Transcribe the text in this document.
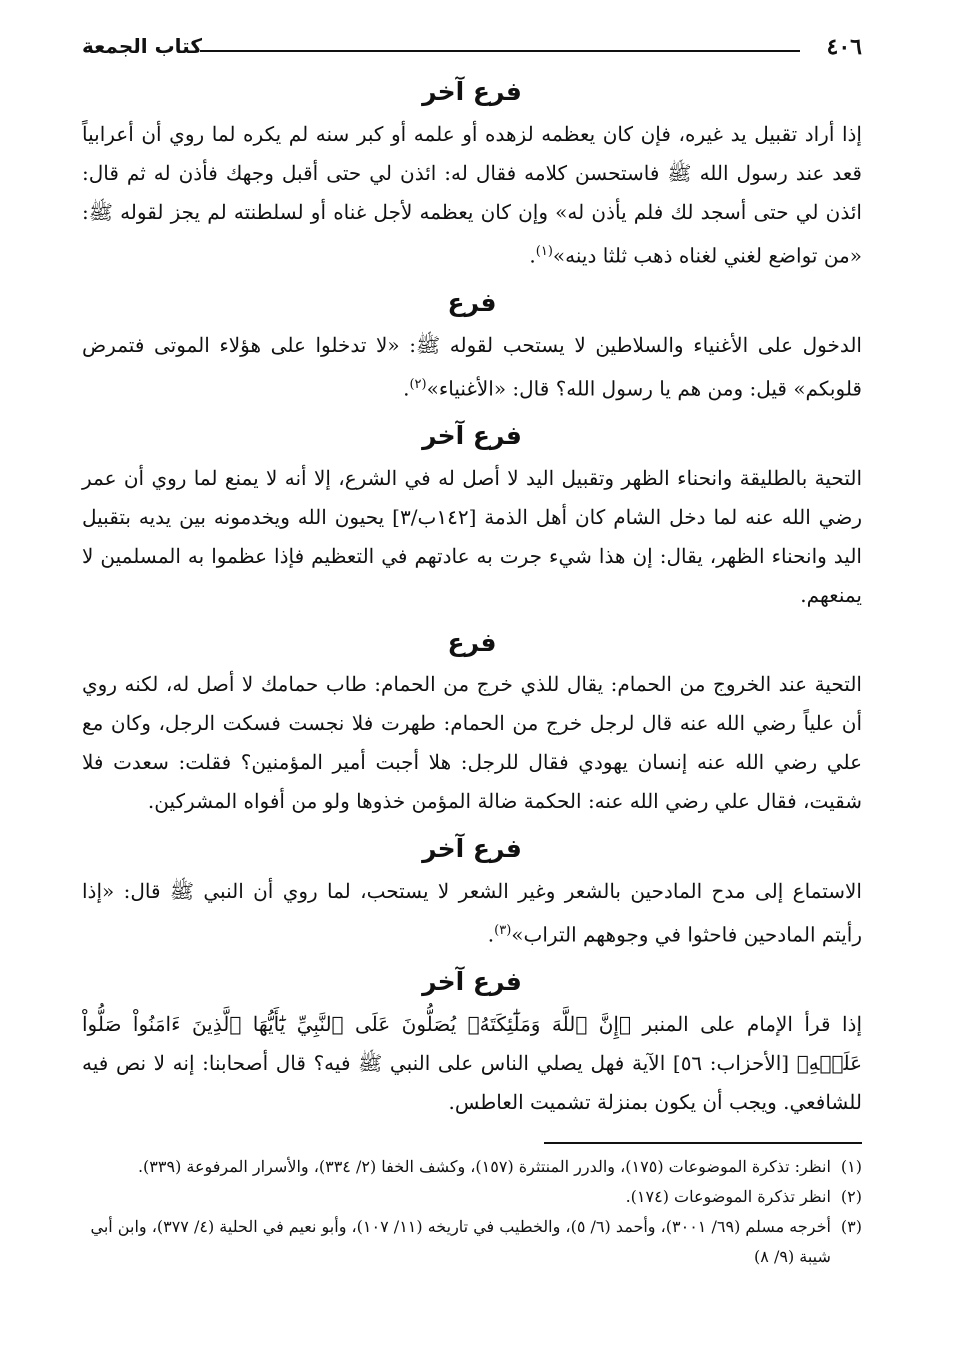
٤٠٦
كتاب الجمعة
فرع آخر

إذا أراد تقبيل يد غيره، فإن كان يعظمه لزهده أو علمه أو كبر سنه لم يكره لما روي أن أعرابياً قعد عند رسول الله ﷺ فاستحسن كلامه فقال له: ائذن لي حتى أقبل وجهك فأذن له ثم قال: ائذن لي حتى أسجد لك فلم يأذن له» وإن كان يعظمه لأجل غناه أو لسلطنته لم يجز لقوله ﷺ: «من تواضع لغني لغناه ذهب ثلثا دينه»$^{(١)}$.

فرع

الدخول على الأغنياء والسلاطين لا يستحب لقوله ﷺ: «لا تدخلوا على هؤلاء الموتى فتمرض قلوبكم» قيل: ومن هم يا رسول الله؟ قال: «الأغنياء»$^{(٢)}$.

فرع آخر

التحية بالطليقة وانحناء الظهر وتقبيل اليد لا أصل له في الشرع، إلا أنه لا يمنع لما روي أن عمر رضي الله عنه لما دخل الشام كان أهل الذمة [١٤٢ب/٣] يحيون الله ويخدمونه بين يديه بتقبيل اليد وانحناء الظهر، يقال: إن هذا شيء جرت به عادتهم في التعظيم فإذا عظموا به المسلمين لا يمنعهم.

فرع

التحية عند الخروج من الحمام: يقال للذي خرج من الحمام: طاب حمامك لا أصل له، لكنه روي أن علياً رضي الله عنه قال لرجل خرج من الحمام: طهرت فلا نجست فسكت الرجل، وكان مع علي رضي الله عنه إنسان يهودي فقال للرجل: هلا أجبت أمير المؤمنين؟ فقلت: سعدت فلا شقيت، فقال علي رضي الله عنه: الحكمة ضالة المؤمن خذوها ولو من أفواه المشركين.

فرع آخر

الاستماع إلى مدح المادحين بالشعر وغير الشعر لا يستحب، لما روي أن النبي ﷺ قال: «إذا رأيتم المادحين فاحثوا في وجوههم التراب»$^{(٣)}$.

فرع آخر

إذا قرأ الإمام على المنبر ﴿إِنَّ ٱللَّهَ وَمَلَٰٓئِكَتَهُۥ يُصَلُّونَ عَلَى ٱلنَّبِيِّ يَٰٓأَيُّهَا ٱلَّذِينَ ءَامَنُواْ صَلُّواْ عَلَيۡهِ﴾ [الأحزاب: ٥٦] الآية فهل يصلي الناس على النبي ﷺ فيه؟ قال أصحابنا: إنه لا نص فيه للشافعي. ويجب أن يكون بمنزلة تشميت العاطس.

(١)
انظر: تذكرة الموضوعات (١٧٥)، والدرر المنتثرة (١٥٧)، وكشف الخفا (٢/ ٣٣٤)، والأسرار المرفوعة (٣٣٩).

(٢)
انظر تذكرة الموضوعات (١٧٤).

(٣)
أخرجه مسلم (٦٩/ ٣٠٠١)، وأحمد (٦/ ٥)، والخطيب في تاريخه (١١/ ١٠٧)، وأبو نعيم في الحلية (٤/ ٣٧٧)، وابن أبي شيبة (٩/ ٨)
